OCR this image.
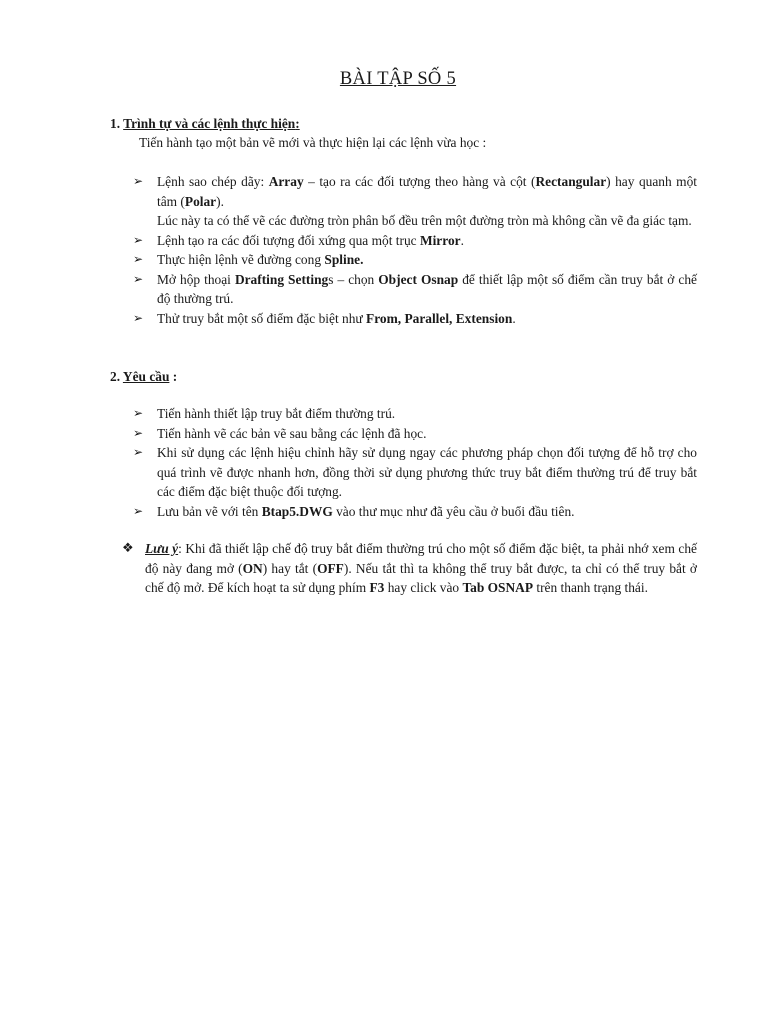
BÀI TẬP SỐ 5
1. Trình tự và các lệnh thực hiện:
Tiến hành tạo một bản vẽ mới và thực hiện lại các lệnh vừa học :
➢ Lệnh sao chép dãy: Array – tạo ra các đối tượng theo hàng và cột (Rectangular) hay quanh một tâm (Polar).
Lúc này ta có thể vẽ các đường tròn phân bố đều trên một đường tròn mà không cần vẽ đa giác tạm.
➢ Lệnh tạo ra các đối tượng đối xứng qua một trục Mirror.
➢ Thực hiện lệnh vẽ đường cong Spline.
➢ Mở hộp thoại Drafting Settings – chọn Object Osnap để thiết lập một số điểm cần truy bắt ở chế độ thường trú.
➢ Thử truy bắt một số điểm đặc biệt như From, Parallel, Extension.
2. Yêu cầu :
➢ Tiến hành thiết lập truy bắt điểm thường trú.
➢ Tiến hành vẽ các bản vẽ sau bằng các lệnh đã học.
➢ Khi sử dụng các lệnh hiệu chỉnh hãy sử dụng ngay các phương pháp chọn đối tượng để hỗ trợ cho quá trình vẽ được nhanh hơn, đồng thời sử dụng phương thức truy bắt điểm thường trú để truy bắt các điểm đặc biệt thuộc đối tượng.
➢ Lưu bản vẽ với tên Btap5.DWG vào thư mục như đã yêu cầu ở buổi đầu tiên.
❖ Lưu ý: Khi đã thiết lập chế độ truy bắt điểm thường trú cho một số điểm đặc biệt, ta phải nhớ xem chế độ này đang mở (ON) hay tắt (OFF). Nếu tắt thì ta không thể truy bắt được, ta chỉ có thể truy bắt ở chế độ mở. Để kích hoạt ta sử dụng phím F3 hay click vào Tab OSNAP trên thanh trạng thái.
